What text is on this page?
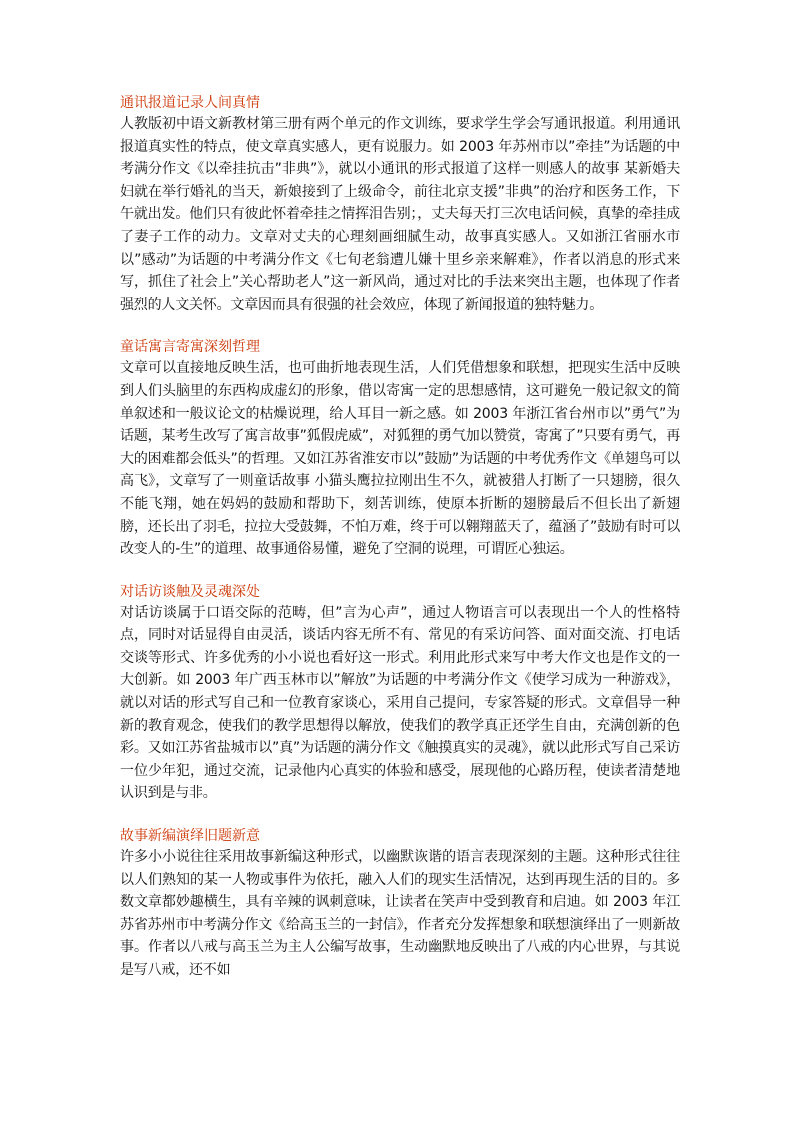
通讯报道记录人间真情

人教版初中语文新教材第三册有两个单元的作文训练，要求学生学会写通讯报道。利用通讯报道真实性的特点，使文章真实感人，更有说服力。如 2003 年苏州市以”牵挂”为话题的中考满分作文《以牵挂抗击”非典”》，就以小通讯的形式报道了这样一则感人的故事 某新婚夫妇就在举行婚礼的当天，新娘接到了上级命令，前往北京支援”非典”的治疗和医务工作，下午就出发。他们只有彼此怀着牵挂之情挥泪告别；，丈夫每天打三次电话问候，真挚的牵挂成了妻子工作的动力。文章对丈夫的心理刻画细腻生动，故事真实感人。又如浙江省丽水市以”感动”为话题的中考满分作文《七旬老翁遭儿嫌十里乡亲来解难》，作者以消息的形式来写，抓住了社会上”关心帮助老人”这一新风尚，通过对比的手法来突出主题，也体现了作者强烈的人文关怀。文章因而具有很强的社会效应，体现了新闻报道的独特魅力。

童话寓言寄寓深刻哲理

文章可以直接地反映生活，也可曲折地表现生活，人们凭借想象和联想，把现实生活中反映到人们头脑里的东西构成虚幻的形象，借以寄寓一定的思想感情，这可避免一般记叙文的简单叙述和一般议论文的枯燥说理，给人耳目一新之感。如 2003 年浙江省台州市以”勇气”为话题，某考生改写了寓言故事”狐假虎威”，对狐狸的勇气加以赞赏，寄寓了”只要有勇气，再大的困难都会低头”的哲理。又如江苏省淮安市以”鼓励”为话题的中考优秀作文《单翅鸟可以高飞》，文章写了一则童话故事 小猫头鹰拉拉刚出生不久，就被猎人打断了一只翅膀，很久不能飞翔，她在妈妈的鼓励和帮助下，刻苦训练，使原本折断的翅膀最后不但长出了新翅膀，还长出了羽毛，拉拉大受鼓舞，不怕万难，终于可以翱翔蓝天了，蕴涵了”鼓励有时可以改变人的-生”的道理、故事通俗易懂，避免了空洞的说理，可谓匠心独运。

对话访谈触及灵魂深处

对话访谈属于口语交际的范畴，但”言为心声”，通过人物语言可以表现出一个人的性格特点，同时对话显得自由灵活，谈话内容无所不有、常见的有采访问答、面对面交流、打电话交谈等形式、许多优秀的小小说也看好这一形式。利用此形式来写中考大作文也是作文的一大创新。如 2003 年广西玉林市以”解放”为话题的中考满分作文《使学习成为一种游戏》，就以对话的形式写自己和一位教育家谈心，采用自己提问，专家答疑的形式。文章倡导一种新的教育观念，使我们的教学思想得以解放，使我们的教学真正还学生自由，充满创新的色彩。又如江苏省盐城市以”真”为话题的满分作文《触摸真实的灵魂》，就以此形式写自己采访一位少年犯，通过交流，记录他内心真实的体验和感受，展现他的心路历程，使读者清楚地认识到是与非。

故事新编演绎旧题新意

许多小小说往往采用故事新编这种形式，以幽默诙谐的语言表现深刻的主题。这种形式往往以人们熟知的某一人物或事件为依托，融入人们的现实生活情况，达到再现生活的目的。多数文章都妙趣横生，具有辛辣的讽刺意味，让读者在笑声中受到教育和启迪。如 2003 年江苏省苏州市中考满分作文《给高玉兰的一封信》，作者充分发挥想象和联想演绎出了一则新故事。作者以八戒与高玉兰为主人公编写故事，生动幽默地反映出了八戒的内心世界，与其说是写八戒，还不如
